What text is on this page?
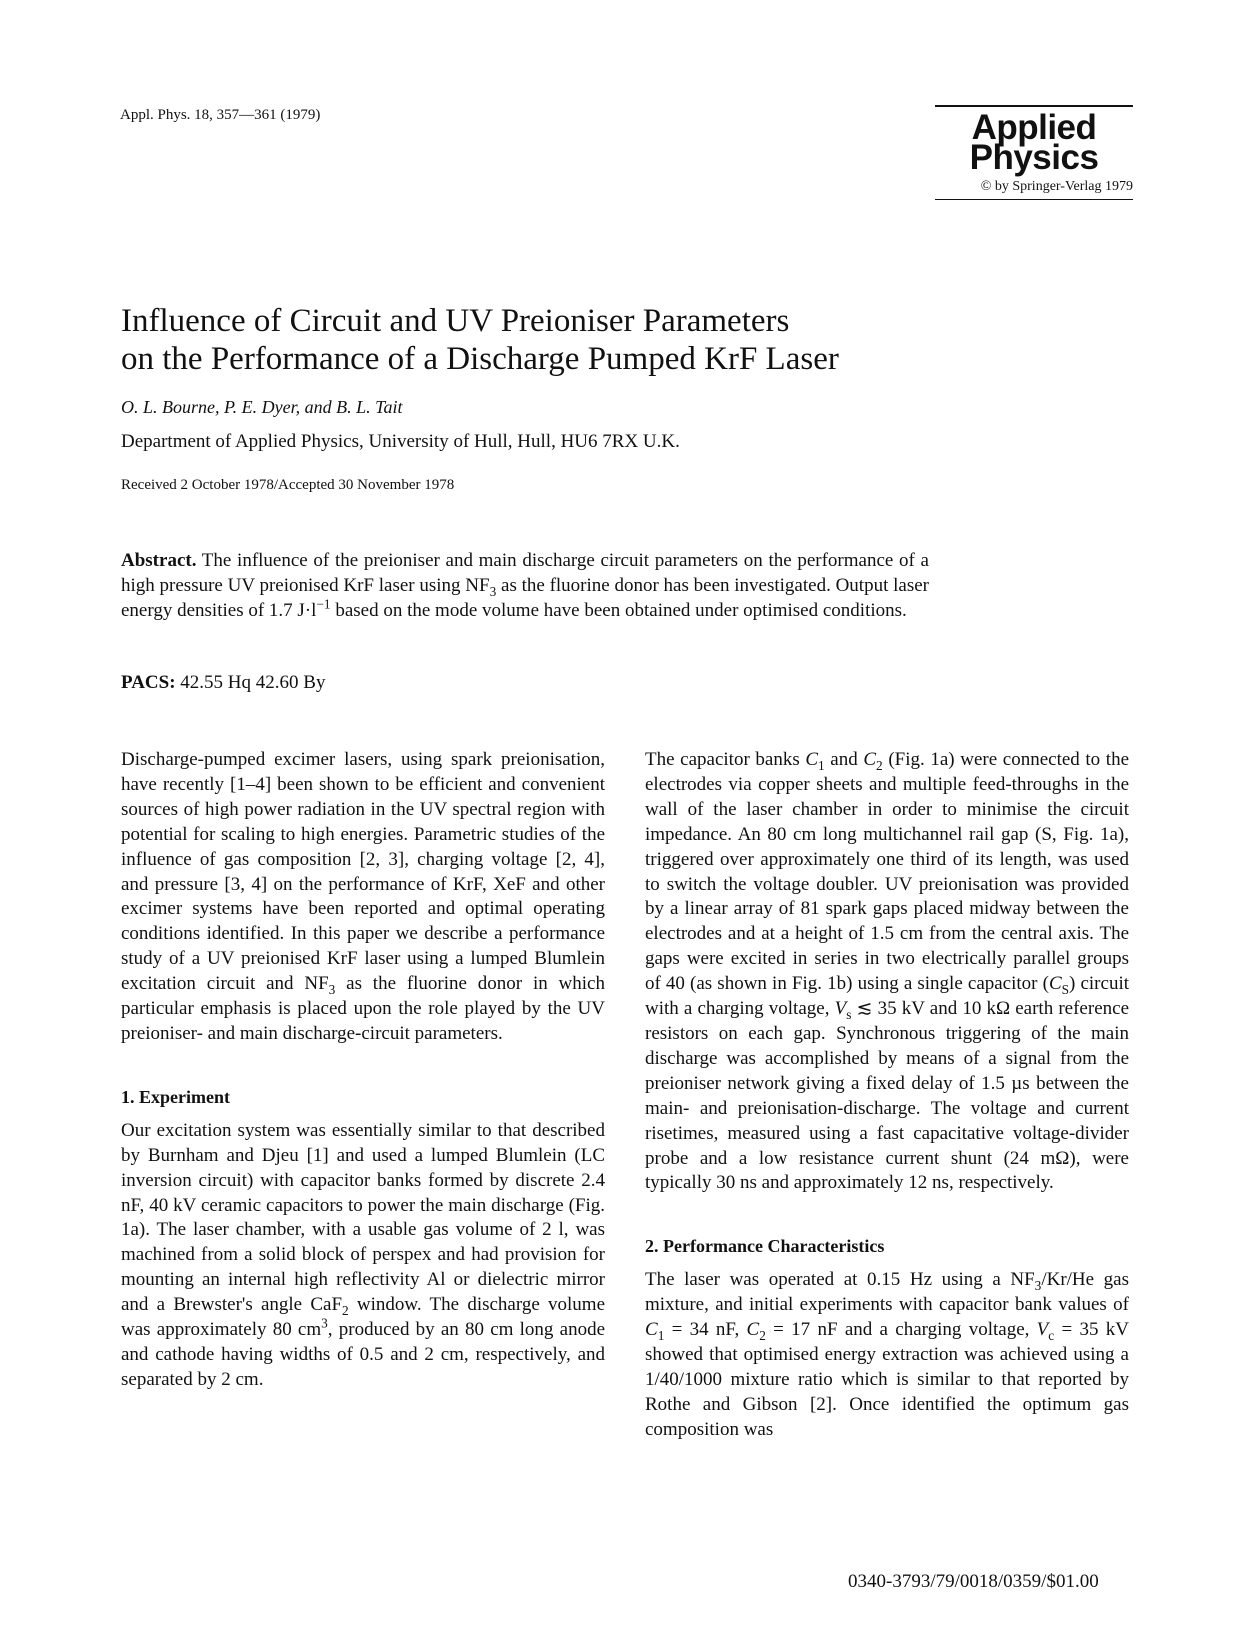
Appl. Phys. 18, 357—361 (1979)	Applied
Physics
© by Springer-Verlag 1979
Influence of Circuit and UV Preioniser Parameters
on the Performance of a Discharge Pumped KrF Laser
O. L. Bourne, P. E. Dyer, and B. L. Tait
Department of Applied Physics, University of Hull, Hull, HU6 7RX U.K.
Received 2 October 1978/Accepted 30 November 1978
Abstract. The influence of the preioniser and main discharge circuit parameters on the performance of a high pressure UV preionised KrF laser using $NF_3$ as the fluorine donor has been investigated. Output laser energy densities of 1.7 $J\cdot l^{-1}$ based on the mode volume have been obtained under optimised conditions.
PACS: 42.55 Hq 42.60 By

Discharge-pumped excimer lasers, using spark preionisation, have recently [1–4] been shown to be efficient and convenient sources of high power radiation in the UV spectral region with potential for scaling to high energies. Parametric studies of the influence of gas composition [2, 3], charging voltage [2, 4], and pressure [3, 4] on the performance of KrF, XeF and other excimer systems have been reported and optimal operating conditions identified. In this paper we describe a performance study of a UV preionised KrF laser using a lumped Blumlein excitation circuit and $NF_3$ as the fluorine donor in which particular emphasis is placed upon the role played by the UV preioniser- and main discharge-circuit parameters.

1. Experiment

Our excitation system was essentially similar to that described by Burnham and Djeu [1] and used a lumped Blumlein (LC inversion circuit) with capacitor banks formed by discrete 2.4 nF, 40 kV ceramic capacitors to power the main discharge (Fig. 1a). The laser chamber, with a usable gas volume of 2 l, was machined from a solid block of perspex and had provision for mounting an internal high reflectivity Al or dielectric mirror and a Brewster's angle CaF$_2$ window. The discharge volume was approximately 80 $cm^3$, produced by an 80 cm long anode and cathode having widths of 0.5 and 2 cm, respectively, and separated by 2 cm.

The capacitor banks $C_1$ and $C_2$ (Fig. 1a) were connected to the electrodes via copper sheets and multiple feed-throughs in the wall of the laser chamber in order to minimise the circuit impedance. An 80 cm long multichannel rail gap (S, Fig. 1a), triggered over approximately one third of its length, was used to switch the voltage doubler. UV preionisation was provided by a linear array of 81 spark gaps placed midway between the electrodes and at a height of 1.5 cm from the central axis. The gaps were excited in series in two electrically parallel groups of 40 (as shown in Fig. 1b) using a single capacitor $(C_S)$ circuit with a charging voltage, $V_s$ ≲ 35 kV and 10 kΩ earth reference resistors on each gap. Synchronous triggering of the main discharge was accomplished by means of a signal from the preioniser network giving a fixed delay of 1.5 µs between the main- and preionisation-discharge. The voltage and current risetimes, measured using a fast capacitative voltage-divider probe and a low resistance current shunt (24 mΩ), were typically 30 ns and approximately 12 ns, respectively.

2. Performance Characteristics

The laser was operated at 0.15 Hz using a $NF_3/Kr/He$ gas mixture, and initial experiments with capacitor bank values of $C_1 = 34$ nF, $C_2 = 17$ nF and a charging voltage, $V_c = 35$ kV showed that optimised energy extraction was achieved using a 1/40/1000 mixture ratio which is similar to that reported by Rothe and Gibson [2]. Once identified the optimum gas composition was

0340-3793/79/0018/0359/$01.00
